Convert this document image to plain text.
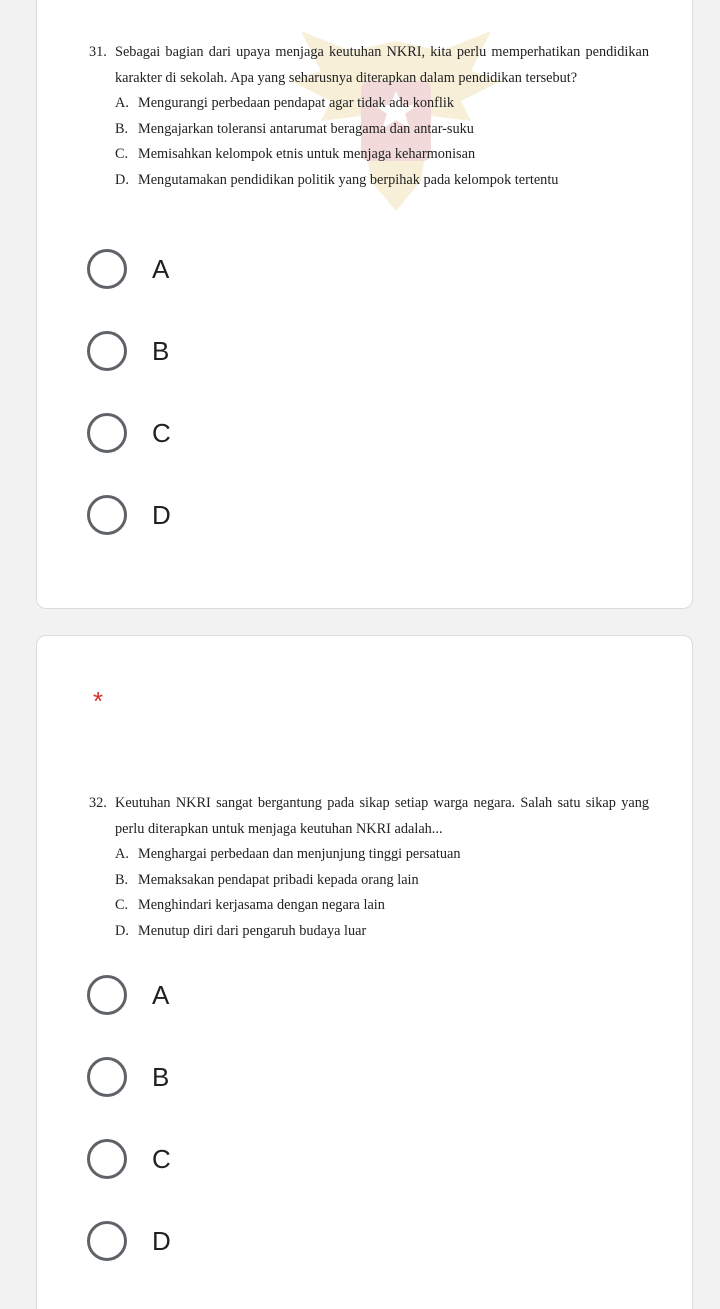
31. Sebagai bagian dari upaya menjaga keutuhan NKRI, kita perlu memperhatikan pendidikan karakter di sekolah. Apa yang seharusnya diterapkan dalam pendidikan tersebut?

A. Mengurangi perbedaan pendapat agar tidak ada konflik
B. Mengajarkan toleransi antarumat beragama dan antar-suku
C. Memisahkan kelompok etnis untuk menjaga keharmonisan
D. Mengutamakan pendidikan politik yang berpihak pada kelompok tertentu
A
B
C
D
*

32. Keutuhan NKRI sangat bergantung pada sikap setiap warga negara. Salah satu sikap yang perlu diterapkan untuk menjaga keutuhan NKRI adalah...

A. Menghargai perbedaan dan menjunjung tinggi persatuan
B. Memaksakan pendapat pribadi kepada orang lain
C. Menghindari kerjasama dengan negara lain
D. Menutup diri dari pengaruh budaya luar
A
B
C
D
